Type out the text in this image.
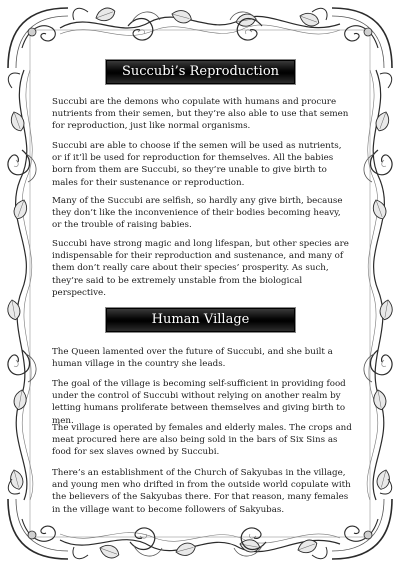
Succubi’s Reproduction

Succubi are the demons who copulate with humans and procure nutrients from their semen, but they’re also able to use that semen for reproduction, just like normal organisms.

Succubi are able to choose if the semen will be used as nutrients, or if it’ll be used for reproduction for themselves. All the babies born from them are Succubi, so they’re unable to give birth to males for their sustenance or reproduction.

Many of the Succubi are selfish, so hardly any give birth, because they don’t like the inconvenience of their bodies becoming heavy, or the trouble of raising babies.

Succubi have strong magic and long lifespan, but other species are indispensable for their reproduction and sustenance, and many of them don’t really care about their species’ prosperity. As such, they’re said to be extremely unstable from the biological perspective.

Human Village

The Queen lamented over the future of Succubi, and she built a human village in the country she leads.

The goal of the village is becoming self-sufficient in providing food under the control of Succubi without relying on another realm by letting humans proliferate between themselves and giving birth to men.

The village is operated by females and elderly males. The crops and meat procured here are also being sold in the bars of Six Sins as food for sex slaves owned by Succubi.

There’s an establishment of the Church of Sakyubas in the village, and young men who drifted in from the outside world copulate with the believers of the Sakyubas there. For that reason, many females in the village want to become followers of Sakyubas.
